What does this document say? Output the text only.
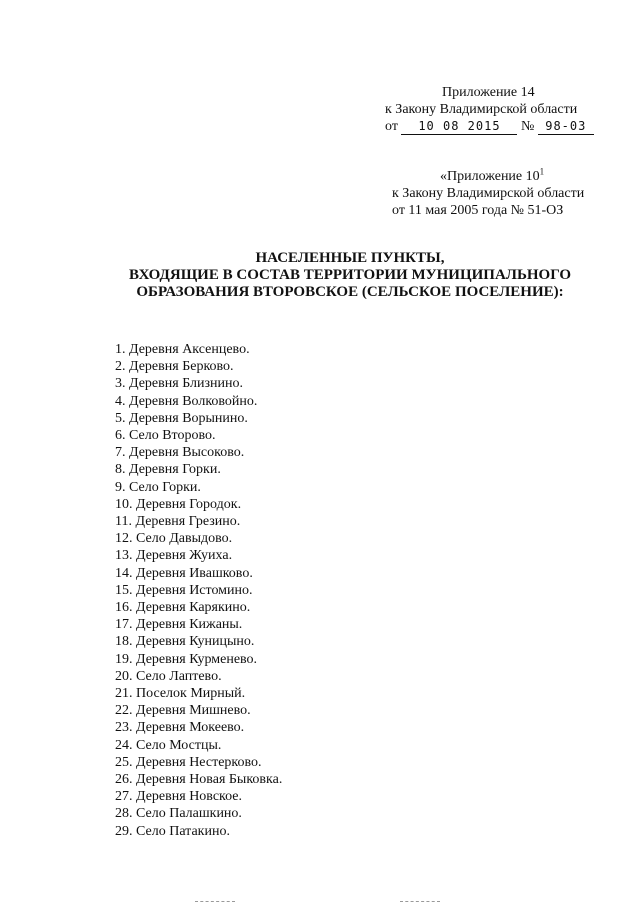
Приложение 14
к Закону Владимирской области
от 10 08 2015 № 98-03
«Приложение $10^1$
к Закону Владимирской области
от 11 мая 2005 года № 51-ОЗ
НАСЕЛЕННЫЕ ПУНКТЫ,
ВХОДЯЩИЕ В СОСТАВ ТЕРРИТОРИИ МУНИЦИПАЛЬНОГО
ОБРАЗОВАНИЯ ВТОРОВСКОЕ (СЕЛЬСКОЕ ПОСЕЛЕНИЕ):
1. Деревня Аксенцево.
2. Деревня Берково.
3. Деревня Близнино.
4. Деревня Волковойно.
5. Деревня Ворынино.
6. Село Второво.
7. Деревня Высоково.
8. Деревня Горки.
9. Село Горки.
10. Деревня Городок.
11. Деревня Грезино.
12. Село Давыдово.
13. Деревня Жуиха.
14. Деревня Ивашково.
15. Деревня Истомино.
16. Деревня Карякино.
17. Деревня Кижаны.
18. Деревня Куницыно.
19. Деревня Курменево.
20. Село Лаптево.
21. Поселок Мирный.
22. Деревня Мишнево.
23. Деревня Мокеево.
24. Село Мостцы.
25. Деревня Нестерково.
26. Деревня Новая Быковка.
27. Деревня Новское.
28. Село Палашкино.
29. Село Патакино.
